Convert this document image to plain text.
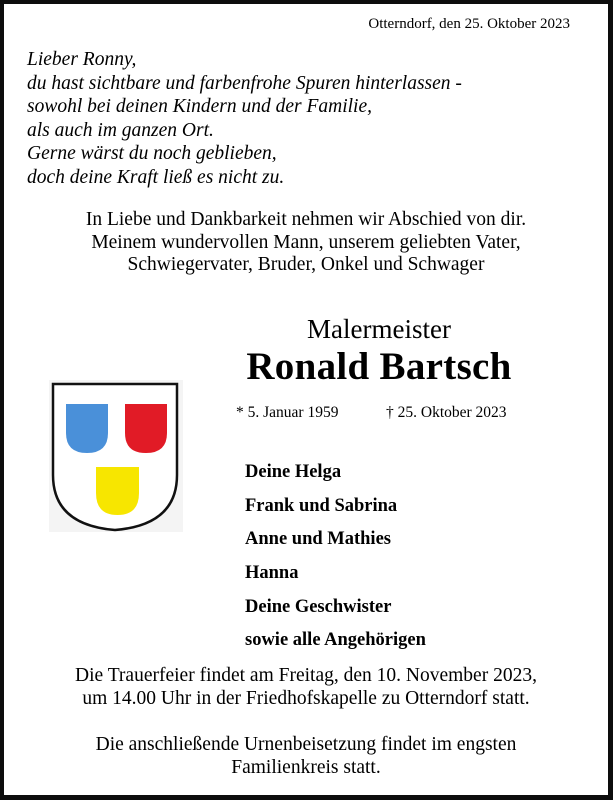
Otterndorf, den 25. Oktober 2023
Lieber Ronny,
du hast sichtbare und farbenfrohe Spuren hinterlassen -
sowohl bei deinen Kindern und der Familie,
als auch im ganzen Ort.
Gerne wärst du noch geblieben,
doch deine Kraft ließ es nicht zu.
In Liebe und Dankbarkeit nehmen wir Abschied von dir.
Meinem wundervollen Mann, unserem geliebten Vater,
Schwiegervater, Bruder, Onkel und Schwager
Malermeister
Ronald Bartsch
* 5. Januar 1959	† 25. Oktober 2023
Deine Helga
Frank und Sabrina
Anne und Mathies
Hanna
Deine Geschwister
sowie alle Angehörigen
Die Trauerfeier findet am Freitag, den 10. November 2023,
um 14.00 Uhr in der Friedhofskapelle zu Otterndorf statt.
Die anschließende Urnenbeisetzung findet im engsten
Familienkreis statt.
